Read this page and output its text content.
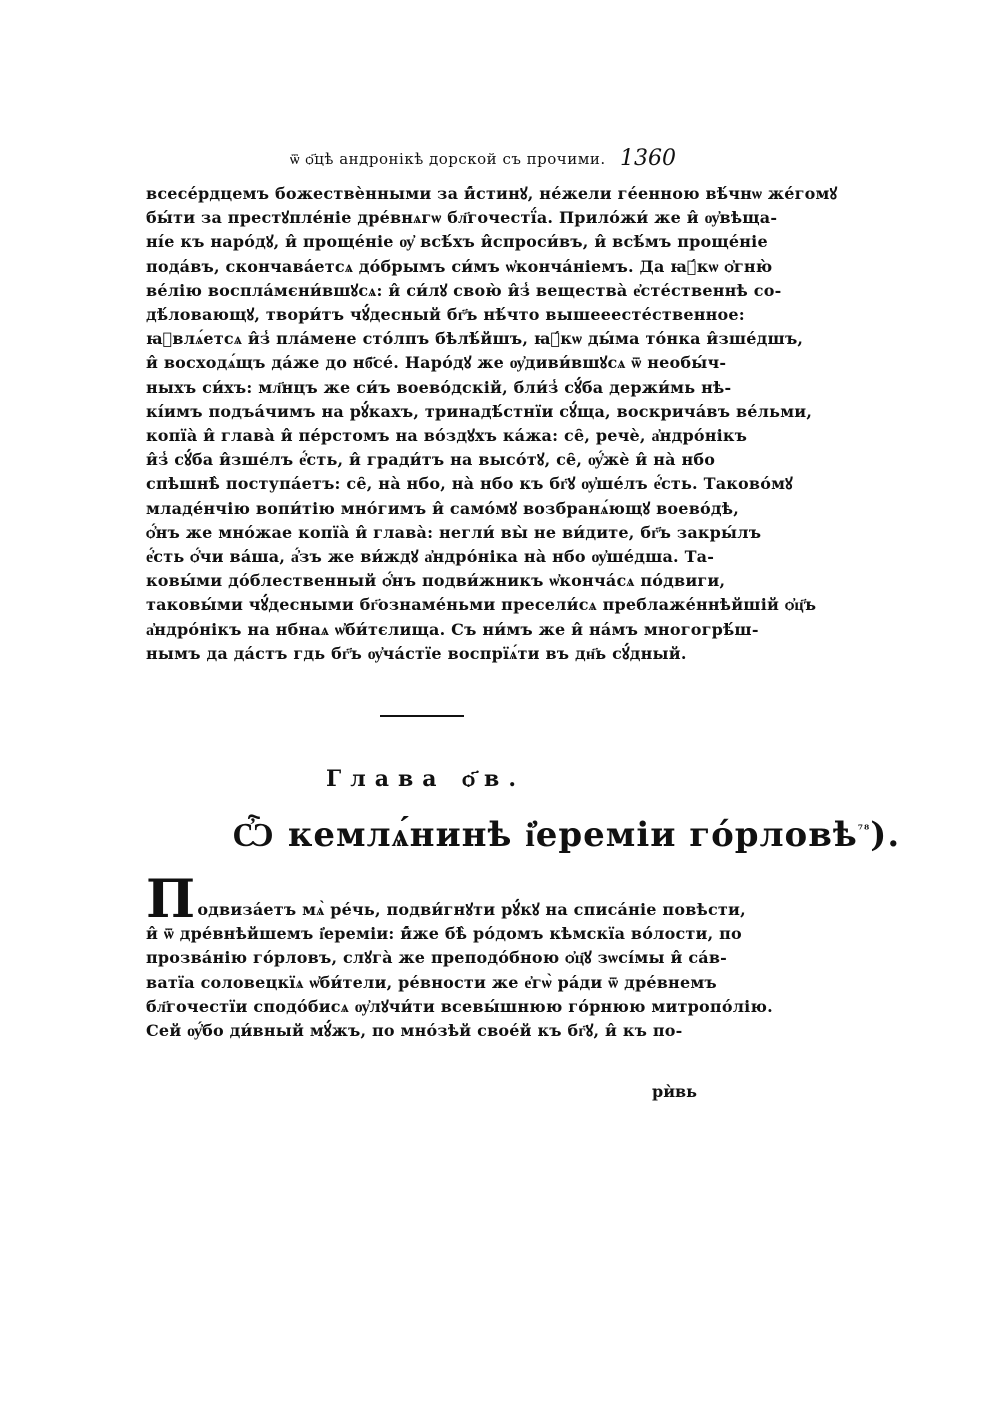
ѿ ѻ҃цѣ андронікѣ дорской съ прочими. 1360
всесе́рдцемъ божествѐнными за и̂́стинꙋ, не́жели ге́енною вѣ́чнѡ же́гомꙋ
бы́ти за престꙋпле́ніе дре́внѧгѡ бл҃гочестї́а. Прило́жи́ же и̂ ѹ҆вѣща-
ні́е къ наро́дꙋ, и̂ проще́ніе ѹ҆ всѣ́хъ и̂спроси́въ, и̂ всѣ́мъ проще́ніе
пода́въ, скончава́етсѧ до́брымъ си́мъ ѡ҆конча́ніемъ. Да ꙗ҆́кѡ ѻ҆гню̀
ве́лію воспла́мєни́вшꙋсѧ: и̂ си́лꙋ свою̀ и̂з̾ вещества̀ е҆сте́ственнѣ со-
дѣ́ловающꙋ, твори́тъ чꙋ́десный бг҃ъ нѣ́что вышееесте́ственное:
ꙗ҆влѧ́етсѧ и̂з̾ пла́мене сто́лпъ бѣлѣ́йшъ, ꙗ҆́кѡ ды́ма то́нка и̂зше́дшъ,
и̂ восходѧ́щъ да́же до нб҃се́. Наро́дꙋ же ѹ҆диви́вшꙋсѧ ѿ необы́ч-
ныхъ си́хъ: мл҃нцъ же си́ъ воево́дскій, бли́з̾ сꙋ́ба держи́мь нѣ-
кі́имъ подъа́чимъ на рꙋ́кахъ, тринадѣ́стнїи сꙋ́ща, воскрича́въ ве́льми,
копїа̀ и̂ глава̀ и̂ пе́рстомъ на во́здꙋхъ ка́жа: се̑, речѐ, а҆ндро́нікъ
и̂з̾ сꙋ́ба и̂зше́лъ е҆́сть, и̂ гради́тъ на высо́тꙋ, се̑, ѹ҆́жѐ и̂ на̀ нбо
спѣшнѣ̀ поступа́етъ: се̑, на̀ нбо, на̀ нбо къ бг҃ꙋ ѹ҆ше́лъ е҆́сть. Таково́мꙋ
младе́нчію вопи́тію мно́гимъ и̂ само́мꙋ возбранѧ́ющꙋ воево́дѣ,
ѻ҆́нъ же мно́жае копїа̀ и̂ глава̀: негли́ вы̀ не ви́дите, бг҃ъ закры́лъ
е҆́сть ѻ҆́чи ва́ша, а҆́зъ же ви́ждꙋ а҆ндро́ніка на̀ нбо ѹ҆ше́дша. Та-
ковы́ми до́блественный ѻ҆́нъ подви́жникъ ѡ҆конча́сѧ по́двиги,
таковы́ми чꙋ́десными бг҃ознаме́ньми пресели́сѧ преблаже́ннѣйшій ѻ҆ц҃ъ
а҆ндро́нікъ на нбнаѧ ѡ҆би́тєлища. Съ ни́мъ же и̂ на́мъ многогрѣ́ш-
нымъ да да́стъ гдь бг҃ъ ѹ҆ча́стїе воспрїѧ́ти въ дн҃ь сꙋ́дный.
Глава ѻ҃в.
Ѽ кемлѧ́нинѣ і҆ереміи го́рловѣ$^{^{78}}$).
П одвиза́етъ мѧ̀ ре́чь, подви́гнꙋти рꙋ́кꙋ на списа́ніе повѣсти,
и̂ ѿ дре́внѣйшемъ і҆ереміи: и̂́же бѣ̀ ро́домъ кѣмскїа во́лости, по
прозва́нію го́рловъ, слꙋга̀ же преподо́бною ѻ҆ц҃ꙋ зѡсі́мы и̂ са́в-
ватїа соловецкїѧ ѡ҆би́тели, ре́вности же е҆гѡ̀ ра́ди ѿ дре́внемъ
бл҃гочестїи сподо́бисѧ ѹ҆лꙋчи́ти всевы́шнюю го́рнюю митропо́лію.
Сей ѹ҆́бо ди́вный мꙋ́жъ, по мно́зѣй свое́й къ бг҃ꙋ, и̂ къ по-
рѝвь
